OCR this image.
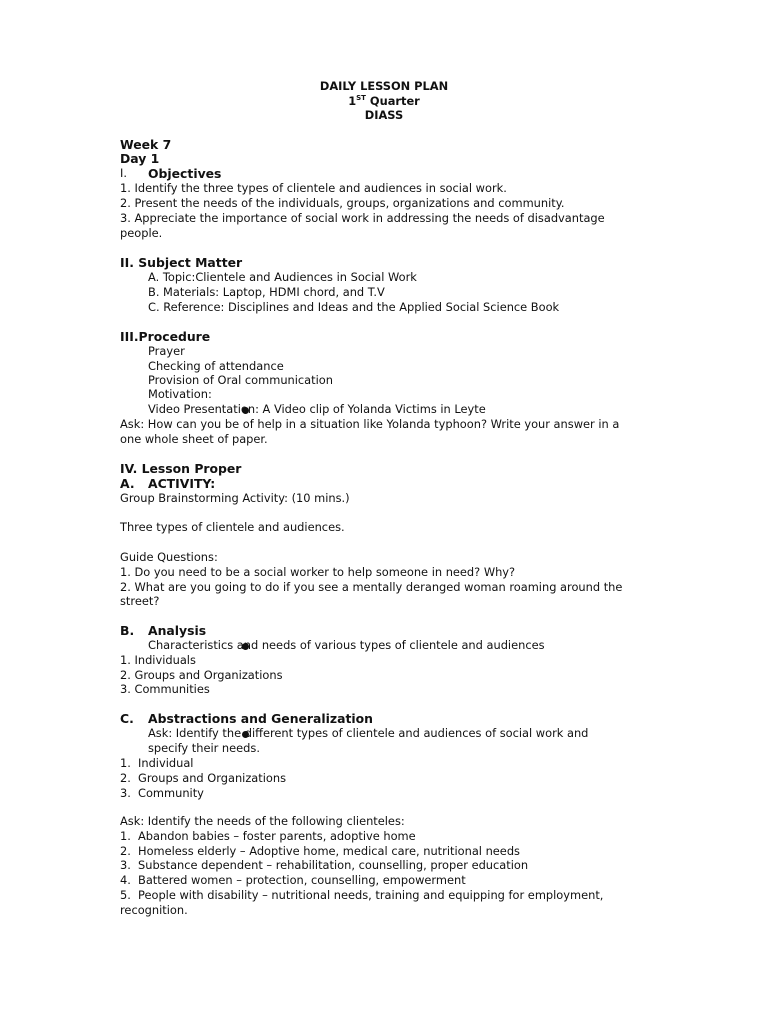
DAILY LESSON PLAN
1ST Quarter
DIASS
Week 7
Day 1
I. Objectives
1. Identify the three types of clientele and audiences in social work.
2. Present the needs of the individuals, groups, organizations and community.
3. Appreciate the importance of social work in addressing the needs of disadvantage
people.
II. Subject Matter
A. Topic:Clientele and Audiences in Social Work
B. Materials: Laptop, HDMI chord, and T.V
C. Reference: Disciplines and Ideas and the Applied Social Science Book
III.Procedure
Prayer
Checking of attendance
Provision of Oral communication
Motivation:
Video Presentation: A Video clip of Yolanda Victims in Leyte
Ask: How can you be of help in a situation like Yolanda typhoon? Write your answer in a
one whole sheet of paper.
IV. Lesson Proper
A. ACTIVITY:
Group Brainstorming Activity: (10 mins.)
Three types of clientele and audiences.
Guide Questions:
1. Do you need to be a social worker to help someone in need? Why?
2. What are you going to do if you see a mentally deranged woman roaming around the
street?
B. Analysis
Characteristics and needs of various types of clientele and audiences
1. Individuals
2. Groups and Organizations
3. Communities
C. Abstractions and Generalization
Ask: Identify the different types of clientele and audiences of social work and
specify their needs.
1. Individual
2. Groups and Organizations
3. Community
Ask: Identify the needs of the following clienteles:
1. Abandon babies – foster parents, adoptive home
2. Homeless elderly – Adoptive home, medical care, nutritional needs
3. Substance dependent – rehabilitation, counselling, proper education
4. Battered women – protection, counselling, empowerment
5. People with disability – nutritional needs, training and equipping for employment,
recognition.
